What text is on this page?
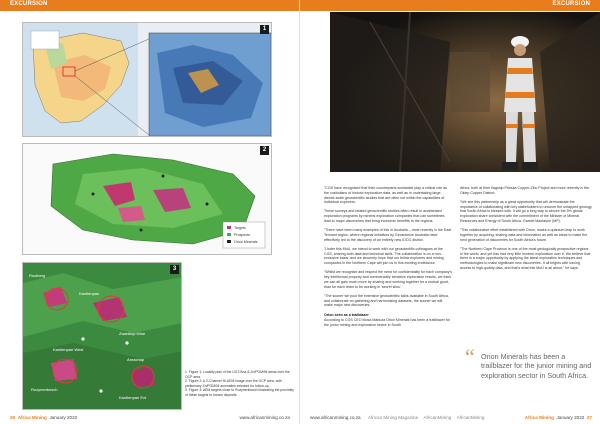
EXCURSION
1
Targets
Prospects
Orion Minerals
2
Rooiberg
Kantienpan
Zwartkop Mine
Kantienpan West
Rozynenbosch
Areachap
Kantienpan Ext
3
1. Figure 1: Locality plan of the UGT/Anz & Zn/PGM/Ni areas over the OCP area.
2. Figure 2: A Z-Channel Hi-AEM image over the OCP area, with preliminary Zn/PGM/Ni anomalies selected for follow-up.
3. Figure 3: AEM targets close to Rozynenbosch illustrating the proximity of these targets to known deposits.
26 Africa Mining January 2022	www.africanmining.co.za
EXCURSION
Underground work at Orion Minerals' Prieska shaft in the Northern Cape.

"CGS have recognised that their counterparts worldwide play a critical role as the custodians of historic exploration data, as well as in undertaking large, district-scale geoscientific studies that are often not within the capabilities of individual explorers.

These surveys and related geoscientific studies often result in accelerated exploration programs by mineral exploration companies that can sometimes lead to major discoveries that bring economic benefits to the regions.

"There have been many examples of this in Australia – most recently in the East Tennant region, where regional initiatives by Geoscience Australia have effectively led to the discovery of an entirely new IOCG district.

"Under this MoU, we intend to work with our geoscientific colleagues at the CGS, sharing both data and technical skills. The collaboration is on a non-exclusive basis, and we sincerely hope that our fellow explorers and mining companies in the Northern Cape will join us in this exciting endeavour.

"Whilst we recognise and respect the need for confidentiality for each company's key intellectual property and commercially sensitive exploration results, we think we can all gain much more by sharing and working together for a mutual good, than for each team to be working in 'secret silos'.

"The sooner we pool the extensive geoscientific skills available in South Africa, and collaborate on gathering and harmonising datasets, the sooner we will make major new discoveries.

Orion seen as a trailblazer

According to CGS CEO Mosa Mabuza Orion Minerals has been a trailblazer for the junior mining and exploration sector in South

Africa, both at their flagship Prieska Copper-Zinc Project and more recently in the Okiep Copper District.

"We see this partnership as a great opportunity that will demonstrate the importance of collaborating with key stakeholders to uncover the untapped geology that South Africa is blessed with. It will go a long way to secure the 5% global exploration share consistent with the commitment of the Minister of Mineral Resources and Energy of South Africa, Gwede Mantashe (MP).

"This collaborative effort established with Orion, marks a quantum leap to work together by acquiring, sharing data and information as well as ideas to make the next generation of discoveries for South Africa's future.

"The Northern Cape Province is one of the most geologically prospective regions in the world, and yet has had very little modern exploration over it. We believe that there is a major opportunity by applying the latest exploration techniques and methodologies to make significant new discoveries. It all begins with having access to high-quality data, and that's what this MoU is all about," he says.

“ Orion Minerals has been a trailblazer for the junior mining and exploration sector in South Africa.
www.africanmining.co.za African Mining Magazine AfricanMining AfricanMining	Africa Mining January 2022 27
